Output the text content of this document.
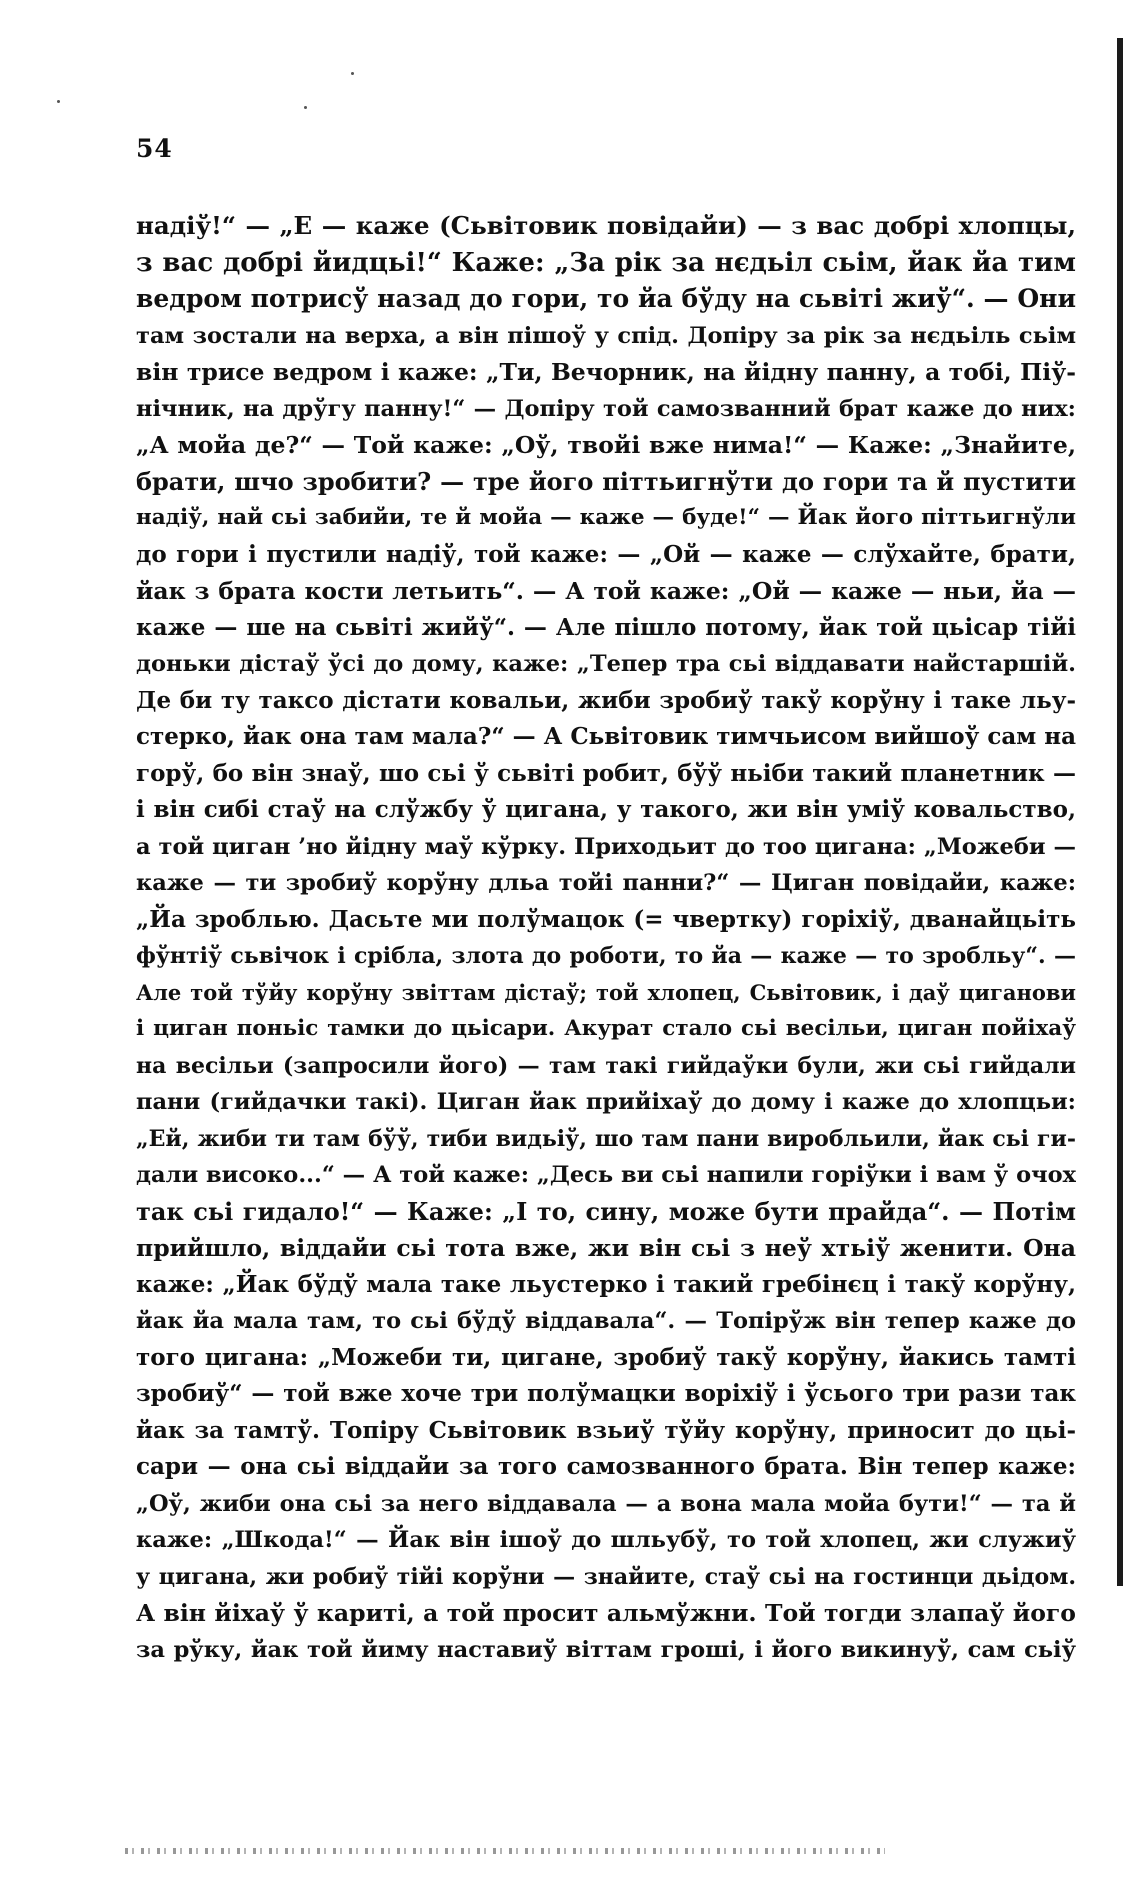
54
надіў!“ — „Е — каже (Сьвітовик повідайи) — з вас добрі хлопцы,
з вас добрі йидцьі!“ Каже: „За рік за нєдьіл сьім, йак йа тим
ведром потрисў назад до гори, то йа бўду на сьвіті жиў“. — Они
там зостали на верха, а він пішоў у спід. Допіру за рік за нєдьіль сьім
він трисе ведром і каже: „Ти, Вечорник, на йідну панну, а тобі, Піў-
нічник, на дрўгу панну!“ — Допіру той самозванний брат каже до них:
„А мойа де?“ — Той каже: „Оў, твойі вже нима!“ — Каже: „Знайите,
брати, шчо зробити? — тре його піттьигнўти до гори та й пустити
надіў, най сьі забийи, те й мойа — каже — буде!“ — Йак його піттьигнўли
до гори і пустили надіў, той каже: — „Ой — каже — слўхайте, брати,
йак з брата кости летьить“. — А той каже: „Ой — каже — ньи, йа —
каже — ше на сьвіті жийў“. — Але пішло потому, йак той цьісар тійі
доньки дістаў ўсі до дому, каже: „Тепер тра сьі віддавати найстаршій.
Де би ту таксо дістати ковальи, жиби зробиў такў корўну і таке льу-
стерко, йак она там мала?“ — А Сьвітовик тимчьисом вийшоў сам на
горў, бо він знаў, шо сьі ў сьвіті робит, бўў ньіби такий планетник —
і він сибі стаў на слўжбу ў цигана, у такого, жи він уміў ковальство,
а той циган ’но йідну маў кўрку. Приходьит до тоо цигана: „Можеби —
каже — ти зробиў корўну дльа тойі панни?“ — Циган повідайи, каже:
„Йа зроблью. Дасьте ми полўмацок (= чвертку) горіхіў, дванайцьіть
фўнтіў сьвічок і срібла, злота до роботи, то йа — каже — то зробльу“. —
Але той тўйу корўну звіттам дістаў; той хлопец, Сьвітовик, і даў циганови
і циган поньіс тамки до цьісари. Акурат стало сьі весільи, циган пойіхаў
на весільи (запросили його) — там такі гийдаўки були, жи сьі гийдали
пани (гийдачки такі). Циган йак прийіхаў до дому і каже до хлопцьи:
„Ей, жиби ти там бўў, тиби видьіў, шо там пани виробльили, йак сьі ги-
дали високо...“ — А той каже: „Десь ви сьі напили горіўки і вам ў очох
так сьі гидало!“ — Каже: „І то, сину, може бути прайда“. — Потім
прийшло, віддайи сьі тота вже, жи він сьі з неў хтьіў женити. Она
каже: „Йак бўдў мала таке льустерко і такий гребінєц і такў корўну,
йак йа мала там, то сьі бўдў віддавала“. — Топірўж він тепер каже до
того цигана: „Можеби ти, цигане, зробиў такў корўну, йакись тамті
зробиў“ — той вже хоче три полўмацки ворiхіў і ўсього три рази так
йак за тамтў. Топіру Сьвітовик взьиў тўйу корўну, приносит до цьі-
сари — она сьі віддайи за того самозванного брата. Він тепер каже:
„Оў, жиби она сьі за него віддавала — а вона мала мойа бути!“ — та й
каже: „Шкода!“ — Йак він ішоў до шльубў, то той хлопец, жи служиў
у цигана, жи робиў тійі корўни — знайите, стаў сьі на гостинци дьідом.
А він йіхаў ў кариті, а той просит альмўжни. Той тогди злапаў його
за рўку, йак той йиму наставиў віттам гроші, і його викинуў, сам сьіў
